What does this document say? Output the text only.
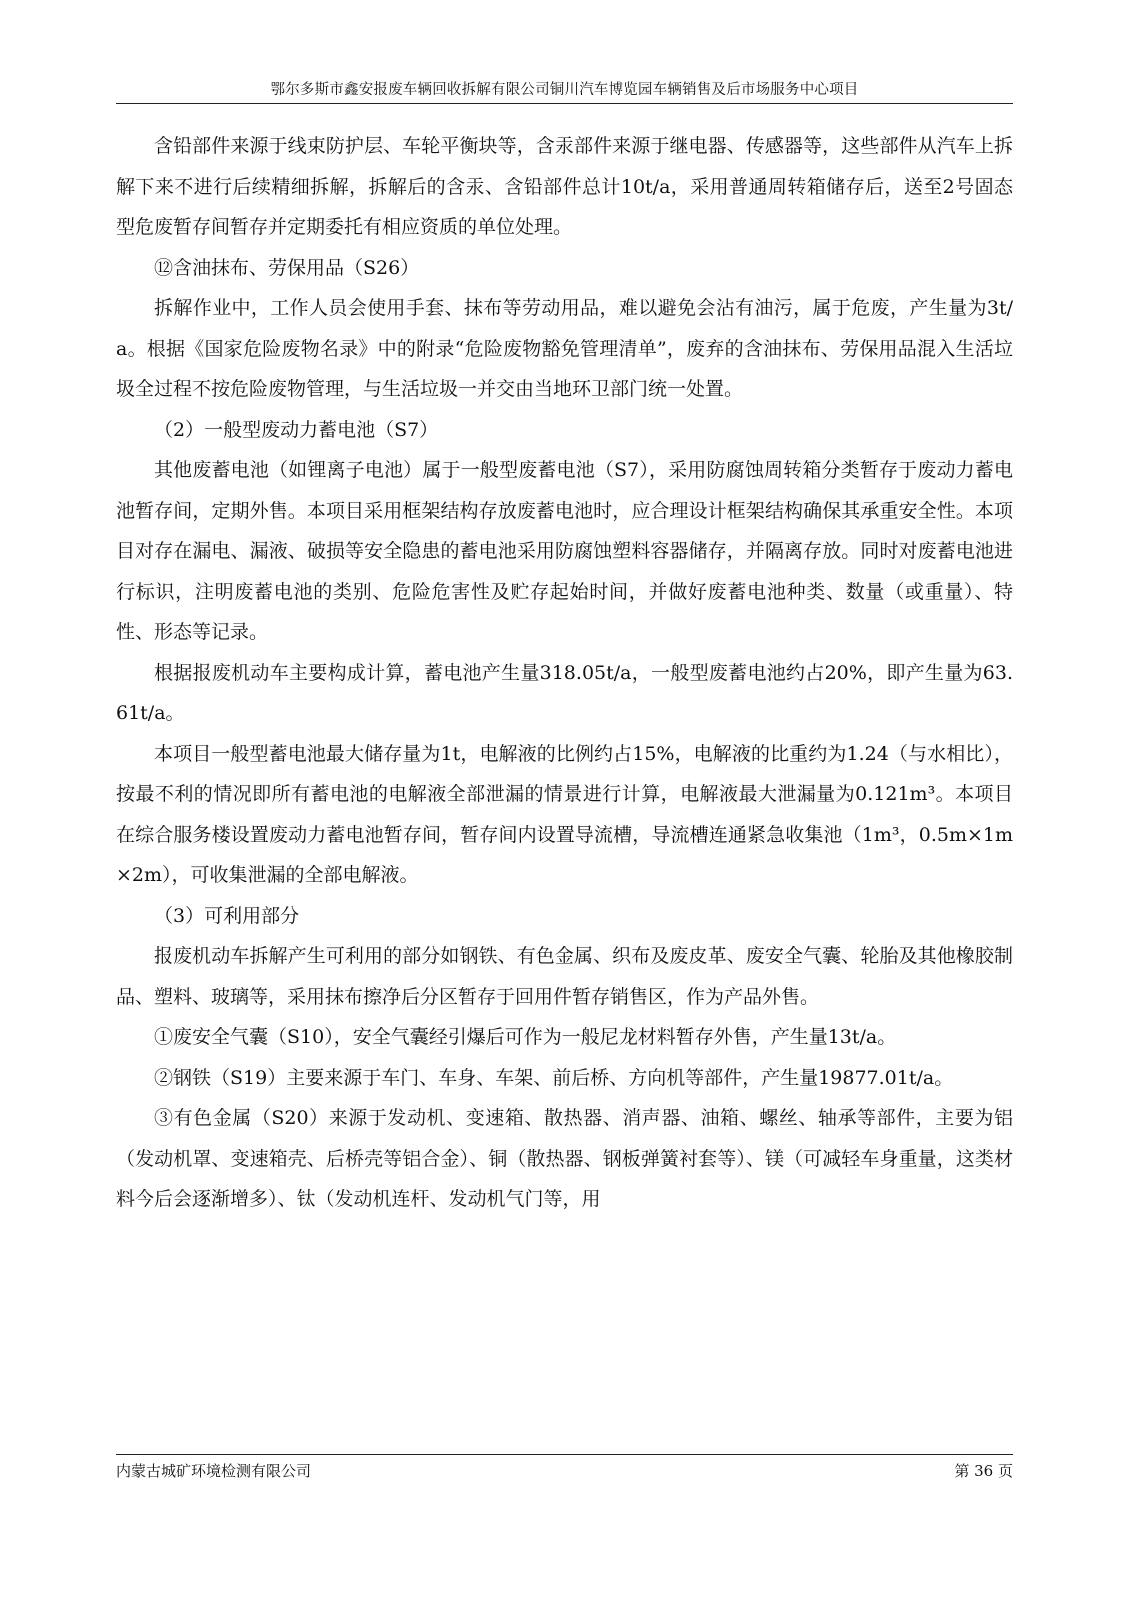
鄂尔多斯市鑫安报废车辆回收拆解有限公司铜川汽车博览园车辆销售及后市场服务中心项目

含铅部件来源于线束防护层、车轮平衡块等，含汞部件来源于继电器、传感器等，这些部件从汽车上拆解下来不进行后续精细拆解，拆解后的含汞、含铅部件总计10t/a，采用普通周转箱储存后，送至2号固态型危废暂存间暂存并定期委托有相应资质的单位处理。

⑫含油抹布、劳保用品（S26）

拆解作业中，工作人员会使用手套、抹布等劳动用品，难以避免会沾有油污，属于危废，产生量为3t/a。根据《国家危险废物名录》中的附录“危险废物豁免管理清单”，废弃的含油抹布、劳保用品混入生活垃圾全过程不按危险废物管理，与生活垃圾一并交由当地环卫部门统一处置。

（2）一般型废动力蓄电池（S7）

其他废蓄电池（如锂离子电池）属于一般型废蓄电池（S7），采用防腐蚀周转箱分类暂存于废动力蓄电池暂存间，定期外售。本项目采用框架结构存放废蓄电池时，应合理设计框架结构确保其承重安全性。本项目对存在漏电、漏液、破损等安全隐患的蓄电池采用防腐蚀塑料容器储存，并隔离存放。同时对废蓄电池进行标识，注明废蓄电池的类别、危险危害性及贮存起始时间，并做好废蓄电池种类、数量（或重量）、特性、形态等记录。

根据报废机动车主要构成计算，蓄电池产生量318.05t/a，一般型废蓄电池约占20%，即产生量为63.61t/a。

本项目一般型蓄电池最大储存量为1t，电解液的比例约占15%，电解液的比重约为1.24（与水相比），按最不利的情况即所有蓄电池的电解液全部泄漏的情景进行计算，电解液最大泄漏量为0.121m³。本项目在综合服务楼设置废动力蓄电池暂存间，暂存间内设置导流槽，导流槽连通紧急收集池（1m³，0.5m×1m×2m），可收集泄漏的全部电解液。

（3）可利用部分

报废机动车拆解产生可利用的部分如钢铁、有色金属、织布及废皮革、废安全气囊、轮胎及其他橡胶制品、塑料、玻璃等，采用抹布擦净后分区暂存于回用件暂存销售区，作为产品外售。

①废安全气囊（S10），安全气囊经引爆后可作为一般尼龙材料暂存外售，产生量13t/a。

②钢铁（S19）主要来源于车门、车身、车架、前后桥、方向机等部件，产生量19877.01t/a。

③有色金属（S20）来源于发动机、变速箱、散热器、消声器、油箱、螺丝、轴承等部件，主要为铝（发动机罩、变速箱壳、后桥壳等铝合金）、铜（散热器、钢板弹簧衬套等）、镁（可减轻车身重量，这类材料今后会逐渐增多）、钛（发动机连杆、发动机气门等，用

内蒙古城矿环境检测有限公司	第 36 页
